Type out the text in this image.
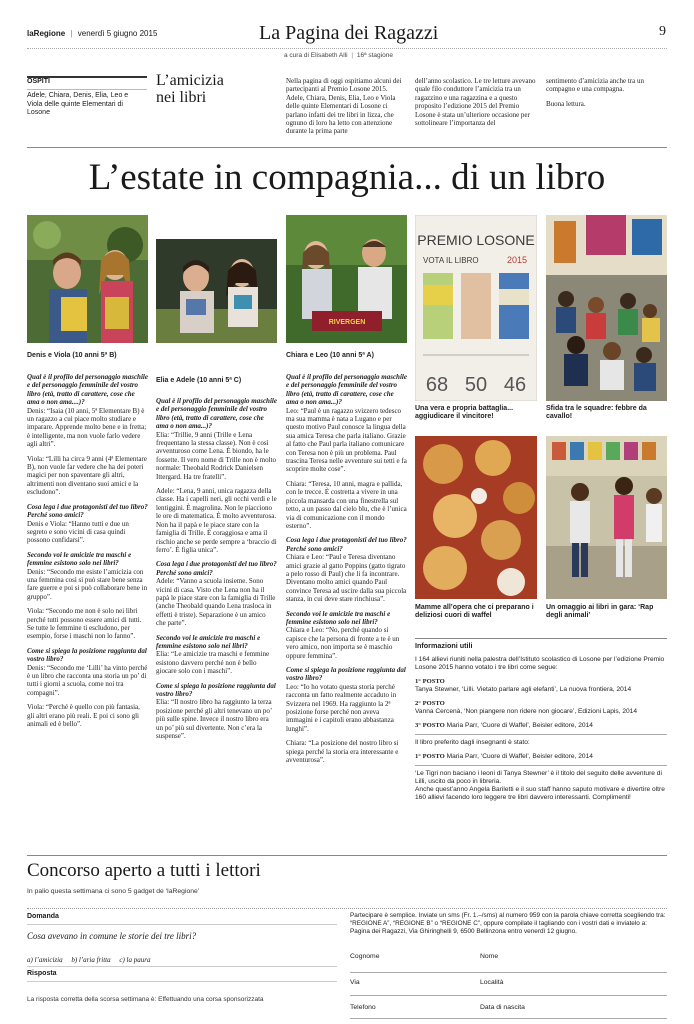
laRegione | venerdì 5 giugno 2015	La Pagina dei Ragazzi	9
a cura di Elisabeth Alli | 16ª stagione
OSPITI
Adele, Chiara, Denis, Elia, Leo e Viola delle quinte Elementari di Losone
L’amicizia
nei libri
Nella pagina di oggi ospitiamo alcuni dei partecipanti al Premio Losone 2015. Adele, Chiara, Denis, Elia, Leo e Viola delle quinte Elementari di Losone ci parlano infatti dei tre libri in lizza, che ognuno di loro ha letto con attenzione durante la prima parte
dell’anno scolastico. Le tre letture avevano quale filo conduttore l’amicizia tra un ragazzino e una ragazzina e a questo proposito l’edizione 2015 del Premio Losone è stata un’ulteriore occasione per sottolineare l’importanza del

sentimento d’amicizia anche tra un compagno e una compagna.

Buona lettura.

L’estate in compagnia... di un libro
RIVERGEN
PREMIO LOSONE
VOTA IL LIBRO	2015
68 50 46
Denis e Viola (10 anni 5ª B)
Elia e Adele (10 anni 5ª C)
Chiara e Leo (10 anni 5ª A)
Una vera e propria battaglia... aggiudicare il vincitore!
Sfida tra le squadre: febbre da cavallo!
Mamme all’opera che ci preparano i deliziosi cuori di waffel
Un omaggio ai libri in gara: ‘Rap degli animali’

Qual è il profilo del personaggio maschile e del personaggio femminile del vostro libro (età, tratto di carattere, cose che ama o non ama....)?
Denis: “Isaia (10 anni, 5ª Elementare B) è un ragazzo a cui piace molto studiare e imparare. Apprende molto bene e in fretta; è intelligente, ma non vuole farlo vedere agli altri”.

Viola: “Lilli ha circa 9 anni (4ª Elementare B), non vuole far vedere che ha dei poteri magici per non spaventare gli altri, altrimenti non diventano suoi amici e la escludono”.

Cosa lega i due protagonisti del tuo libro? Perché sono amici?
Denis e Viola: “Hanno tutti e due un segreto e sono vicini di casa quindi possono confidarsi”.

Secondo voi le amicizie tra maschi e femmine esistono solo nei libri?
Denis: “Secondo me esiste l’amicizia con una femmina così si può stare bene senza fare guerre e poi si può collaborare bene in gruppo”.

Viola: “Secondo me non è solo nei libri perché tutti possono essere amici di tutti. Se tutte le femmine ti escludono, per esempio, forse i maschi non lo fanno”.

Come si spiega la posizione raggiunta dal vostro libro?
Denis: “Secondo me ‘Lilli’ ha vinto perché è un libro che racconta una storia un po’ di tutti i giorni a scuola, come noi tra compagni”.

Viola: “Perché è quello con più fantasia, gli altri erano più reali. E poi ci sono gli animali ed è bello”.

Qual è il profilo del personaggio maschile e del personaggio femminile del vostro libro (età, tratto di carattere, cose che ama o non ama...)?
Elia: “Trillie, 9 anni (Trille e Lena frequentano la stessa classe). Non è così avventuroso come Lena. È biondo, ha le fossette. Il vero nome di Trille non è molto normale: Theobald Rodrick Danielsen Ittergard. Ha tre fratelli”.

Adele: “Lena, 9 anni, unica ragazza della classe. Ha i capelli neri, gli occhi verdi e le lentiggini. È magrolina. Non le piacciono le ore di matematica. È molto avventurosa. Non ha il papà e le piace stare con la famiglia di Trille. È coraggiosa e ama il rischio anche se perde sempre a ‘braccio di ferro’. È figlia unica”.

Cosa lega i due protagonisti del tuo libro? Perché sono amici?
Adele: “Vanno a scuola insieme. Sono vicini di casa. Visto che Lena non ha il papà le piace stare con la famiglia di Trille (anche Theobald quando Lena trasloca in effetti è triste). Separazione è un amico che parte”.

Secondo voi le amicizie tra maschi e femmine esistono solo nei libri?
Elia: “Le amicizie tra maschi e femmine esistono davvero perché non è bello giocare solo con i maschi”.

Come si spiega la posizione raggiunta dal vostro libro?
Elia: “Il nostro libro ha raggiunto la terza posizione perché gli altri tenevano un po’ più sulle spine. Invece il nostro libro era un po’ più sul divertente. Non c’era la suspense”.

Qual è il profilo del personaggio maschile e del personaggio femminile del vostro libro (età, tratto di carattere, cose che ama o non ama...)?
Leo: “Paul è un ragazzo svizzero tedesco ma sua mamma è nata a Lugano e per questo motivo Paul conosce la lingua della sua amica Teresa che parla italiano. Grazie al fatto che Paul parla italiano comunicare con Teresa non è più un problema. Paul trascina Teresa nelle avventure sui tetti e fa scoprire molte cose”.

Chiara: “Teresa, 10 anni, magra e pallida, con le trecce. È costretta a vivere in una piccola mansarda con una finestrella sul tetto, a un passo dal cielo blu, che è l’unica via di comunicazione con il mondo esterno”.

Cosa lega i due protagonisti del tuo libro? Perché sono amici?
Chiara e Leo: “Paul e Teresa diventano amici grazie al gatto Poppins (gatto tigrato a pelo rosso di Paul) che li fa incontrare. Diventano molto amici quando Paul convince Teresa ad uscire dalla sua piccola stanza, in cui deve stare rinchiusa”.

Secondo voi le amicizie tra maschi e femmine esistono solo nei libri?
Chiara e Leo: “No, perché quando si capisce che la persona di fronte a te è un vero amico, non importa se è maschio oppure femmina”.

Come si spiega la posizione raggiunta dal vostro libro?
Leo: “Io ho votato questa storia perché racconta un fatto realmente accaduto in Svizzera nel 1969. Ha raggiunto la 2ª posizione forse perché non aveva immagini e i capitoli erano abbastanza lunghi”.

Chiara: “La posizione del nostro libro si spiega perché la storia era interessante e avventurosa”.

Informazioni utili
I 164 allievi riuniti nella palestra dell’Istituto scolastico di Losone per l’edizione Premio Losone 2015 hanno votato i tre libri come segue:
1° POSTO
Tanya Stewner, ‘Lilli. Vietato parlare agli elefanti’, La nuova frontiera, 2014
2° POSTO
Vanna Cercenà, ‘Non piangere non ridere non giocare’, Edizioni Lapis, 2014
3° POSTO Maria Parr, ‘Cuore di Waffel’, Beisler editore, 2014
Il libro preferito dagli insegnanti è stato:
1° POSTO Maria Parr, ‘Cuore di Waffel’, Beisler editore, 2014
‘Le Tigri non baciano i leoni di Tanya Stewner’ è il titolo del seguito delle avventure di Lilli, uscito da poco in libreria.
Anche quest’anno Angela Bariletti e il suo staff hanno saputo motivare e divertire oltre 160 allievi facendo loro leggere tre libri davvero interessanti. Complimenti!
Concorso aperto a tutti i lettori
In palio questa settimana ci sono 5 gadget de ‘laRegione’
Domanda
Cosa avevano in comune le storie dei tre libri?
a) l’amicizia     b) l’aria fritta     c) la paura
Risposta
La risposta corretta della scorsa settimana è: Effettuando una corsa sponsorizzata
Partecipare è semplice. Inviate un sms (Fr. 1.–/sms) al numero 959 con la parola chiave corretta scegliendo tra: “REGIONE A”, “REGIONE B” o “REGIONE C”, oppure compilate il tagliando con i vostri dati e inviatelo a: Pagina dei Ragazzi, Via Ghiringhelli 9, 6500 Bellinzona entro venerdì 12 giugno.
Cognome	Nome
Via	Località
Telefono	Data di nascita
